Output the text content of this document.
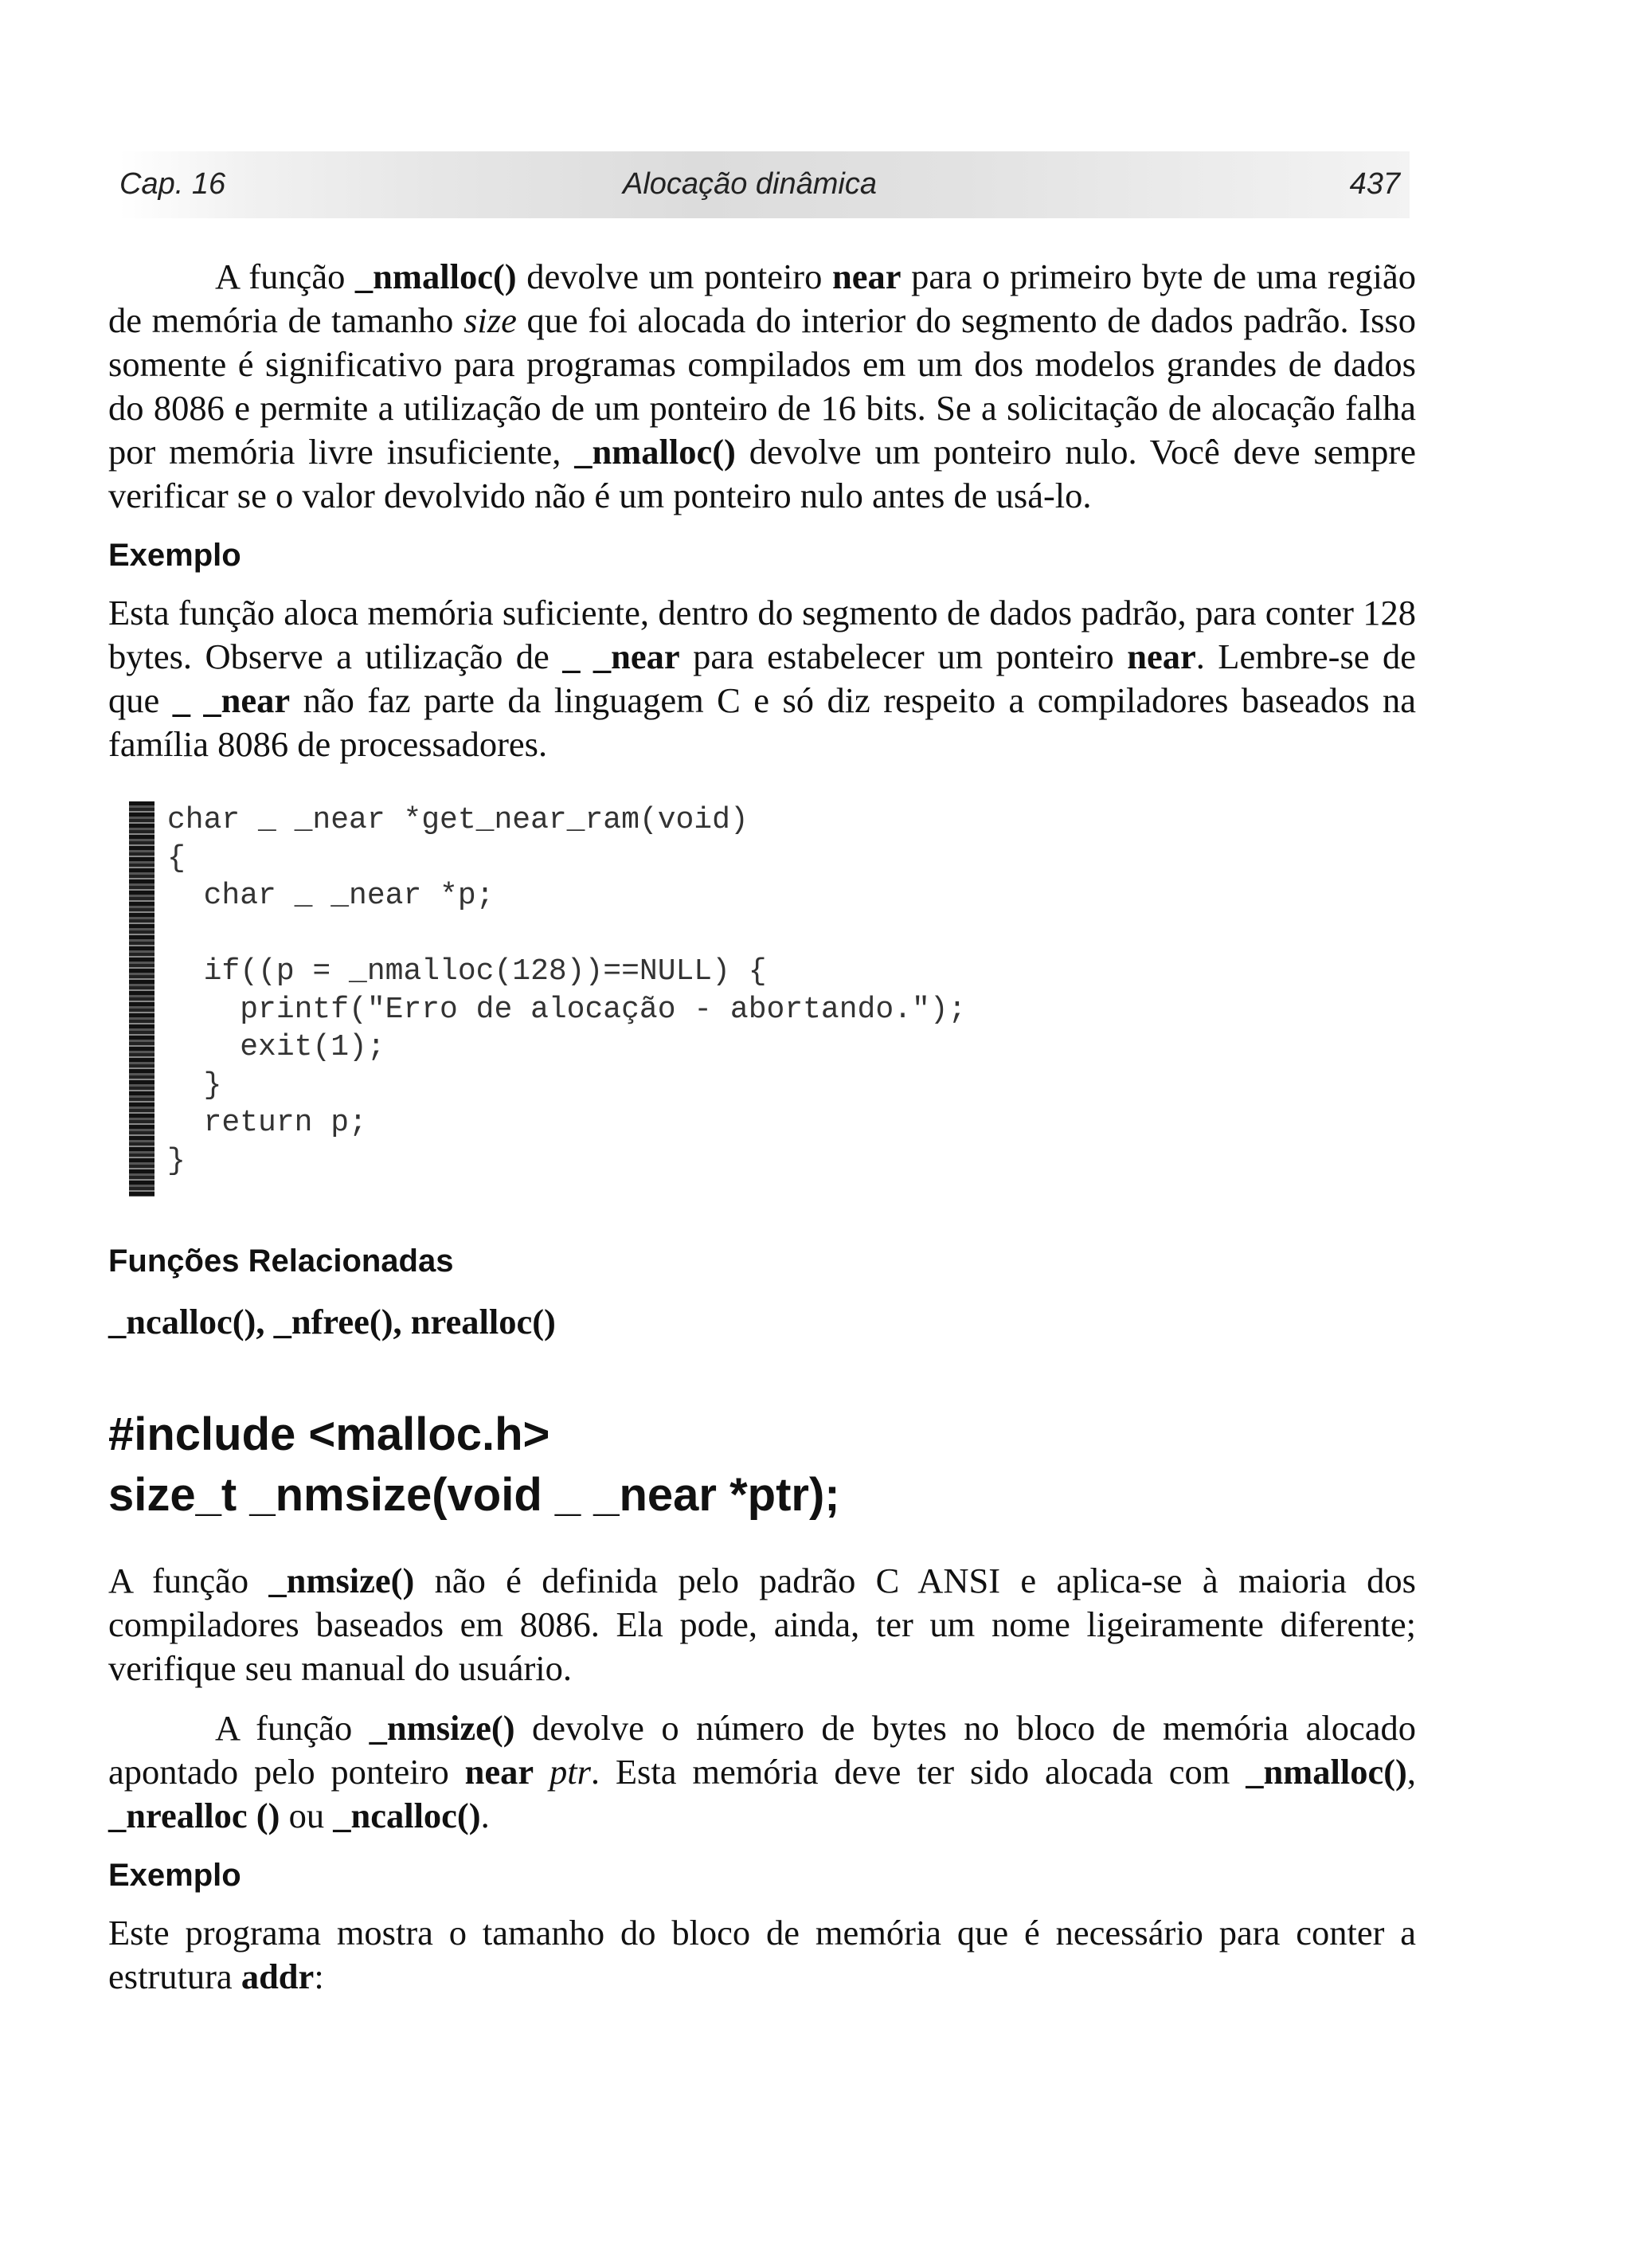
Cap. 16	Alocação dinâmica	437

A função _nmalloc() devolve um ponteiro near para o primeiro byte de uma região de memória de tamanho size que foi alocada do interior do segmento de dados padrão. Isso somente é significativo para programas compilados em um dos modelos grandes de dados do 8086 e permite a utilização de um ponteiro de 16 bits. Se a solicitação de alocação falha por memória livre insuficiente, _nmalloc() devolve um ponteiro nulo. Você deve sempre verificar se o valor devolvido não é um ponteiro nulo antes de usá-lo.

Exemplo

Esta função aloca memória suficiente, dentro do segmento de dados padrão, para conter 128 bytes. Observe a utilização de _ _near para estabelecer um ponteiro near. Lembre-se de que _ _near não faz parte da linguagem C e só diz respeito a compiladores baseados na família 8086 de processadores.

char _ _near *get_near_ram(void)
{
char _ _near *p;

if((p = _nmalloc(128))==NULL) {
printf("Erro de alocação - abortando.");
exit(1);
}
return p;
}
Funções Relacionadas

_ncalloc(), _nfree(), nrealloc()

#include <malloc.h>
size_t _nmsize(void _ _near *ptr);

A função _nmsize() não é definida pelo padrão C ANSI e aplica-se à maioria dos compiladores baseados em 8086. Ela pode, ainda, ter um nome ligeiramente diferente; verifique seu manual do usuário.

A função _nmsize() devolve o número de bytes no bloco de memória alocado apontado pelo ponteiro near ptr. Esta memória deve ter sido alocada com _nmalloc(), _nrealloc () ou _ncalloc().

Exemplo

Este programa mostra o tamanho do bloco de memória que é necessário para conter a estrutura addr:
